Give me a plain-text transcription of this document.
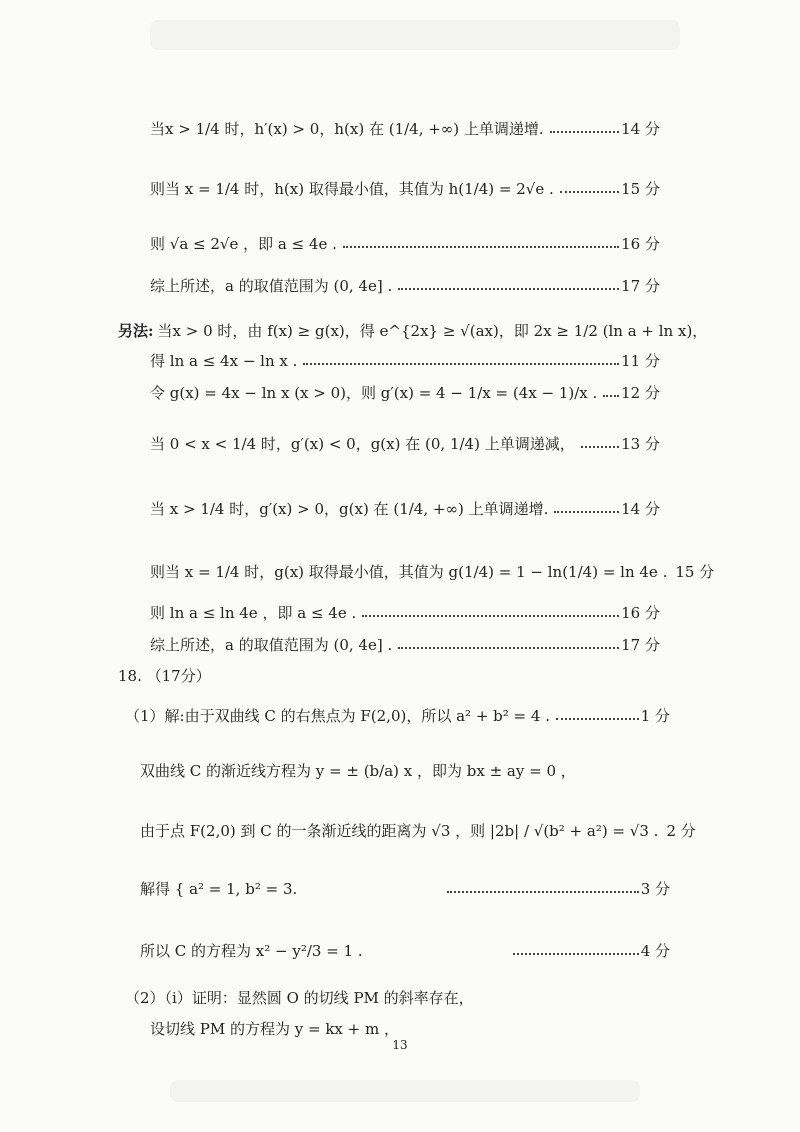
当x > 1/4 时，h′(x) > 0，h(x) 在 (1/4, +∞) 上单调递增.	14 分
则当 x = 1/4 时，h(x) 取得最小值，其值为 h(1/4) = 2√e .	15 分
则 √a ≤ 2√e ，即 a ≤ 4e .	16 分
综上所述，a 的取值范围为 (0, 4e] .	17 分
另法: 当x > 0 时，由 f(x) ≥ g(x)，得 e^{2x} ≥ √(ax)，即 2x ≥ 1/2 (ln a + ln x)，
得 ln a ≤ 4x − ln x .	11 分
令 g(x) = 4x − ln x (x > 0)，则 g′(x) = 4 − 1/x = (4x − 1)/x . 12 分
当 0 < x < 1/4 时，g′(x) < 0，g(x) 在 (0, 1/4) 上单调递减，	13 分
当 x > 1/4 时，g′(x) > 0，g(x) 在 (1/4, +∞) 上单调递增.	14 分
则当 x = 1/4 时，g(x) 取得最小值，其值为 g(1/4) = 1 − ln(1/4) = ln 4e . 15 分
则 ln a ≤ ln 4e ，即 a ≤ 4e .	16 分
综上所述，a 的取值范围为 (0, 4e] .	17 分
18. （17分）
（1）解:由于双曲线 C 的右焦点为 F(2,0)，所以 a² + b² = 4 .	1 分
双曲线 C 的渐近线方程为 y = ± (b/a) x ，即为 bx ± ay = 0 ，
由于点 F(2,0) 到 C 的一条渐近线的距离为 √3 ，则 |2b| / √(b² + a²) = √3 . 2 分
解得 { a² = 1, b² = 3.	3 分
所以 C 的方程为 x² − y²/3 = 1 .	4 分
（2）（ⅰ）证明：显然圆 O 的切线 PM 的斜率存在，
设切线 PM 的方程为 y = kx + m ，
13
